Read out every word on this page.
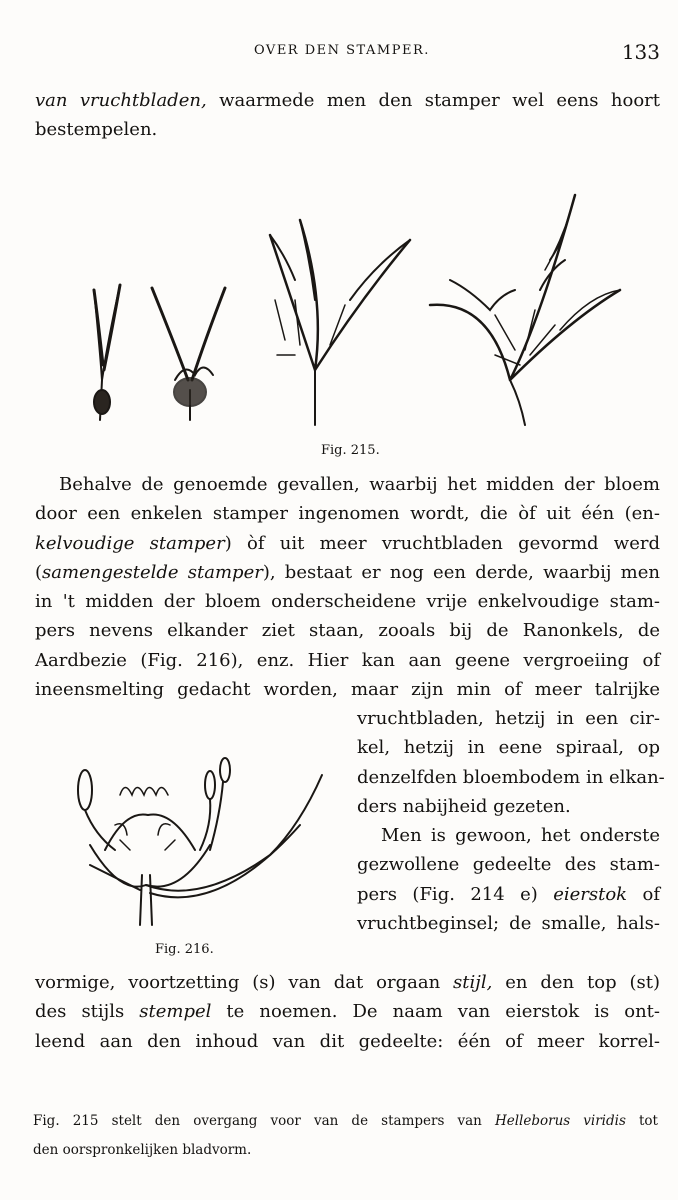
OVER DEN STAMPER.	133
van vruchtbladen, waarmede men den stamper wel eens hoort
bestempelen.
Fig. 215.
Behalve de genoemde gevallen, waarbij het midden der bloem
door een enkelen stamper ingenomen wordt, die òf uit één (en-
kelvoudige stamper) òf uit meer vruchtbladen gevormd werd
(samengestelde stamper), bestaat er nog een derde, waarbij men
in 't midden der bloem onderscheidene vrije enkelvoudige stam-
pers nevens elkander ziet staan, zooals bij de Ranonkels, de
Aardbezie (Fig. 216), enz. Hier kan aan geene vergroeiing of
ineensmelting gedacht worden, maar zijn min of meer talrijke
vruchtbladen, hetzij in een cir-
kel, hetzij in eene spiraal, op
denzelfden bloembodem in elkan-
ders nabijheid gezeten.
Men is gewoon, het onderste
gezwollene gedeelte des stam-
pers (Fig. 214 e) eierstok of
vruchtbeginsel; de smalle, hals-
Fig. 216.
vormige, voortzetting (s) van dat orgaan stijl, en den top (st)
des stijls stempel te noemen. De naam van eierstok is ont-
leend aan den inhoud van dit gedeelte: één of meer korrel-
Fig. 215 stelt den overgang voor van de stampers van Helleborus viridis tot
den oorspronkelijken bladvorm.
